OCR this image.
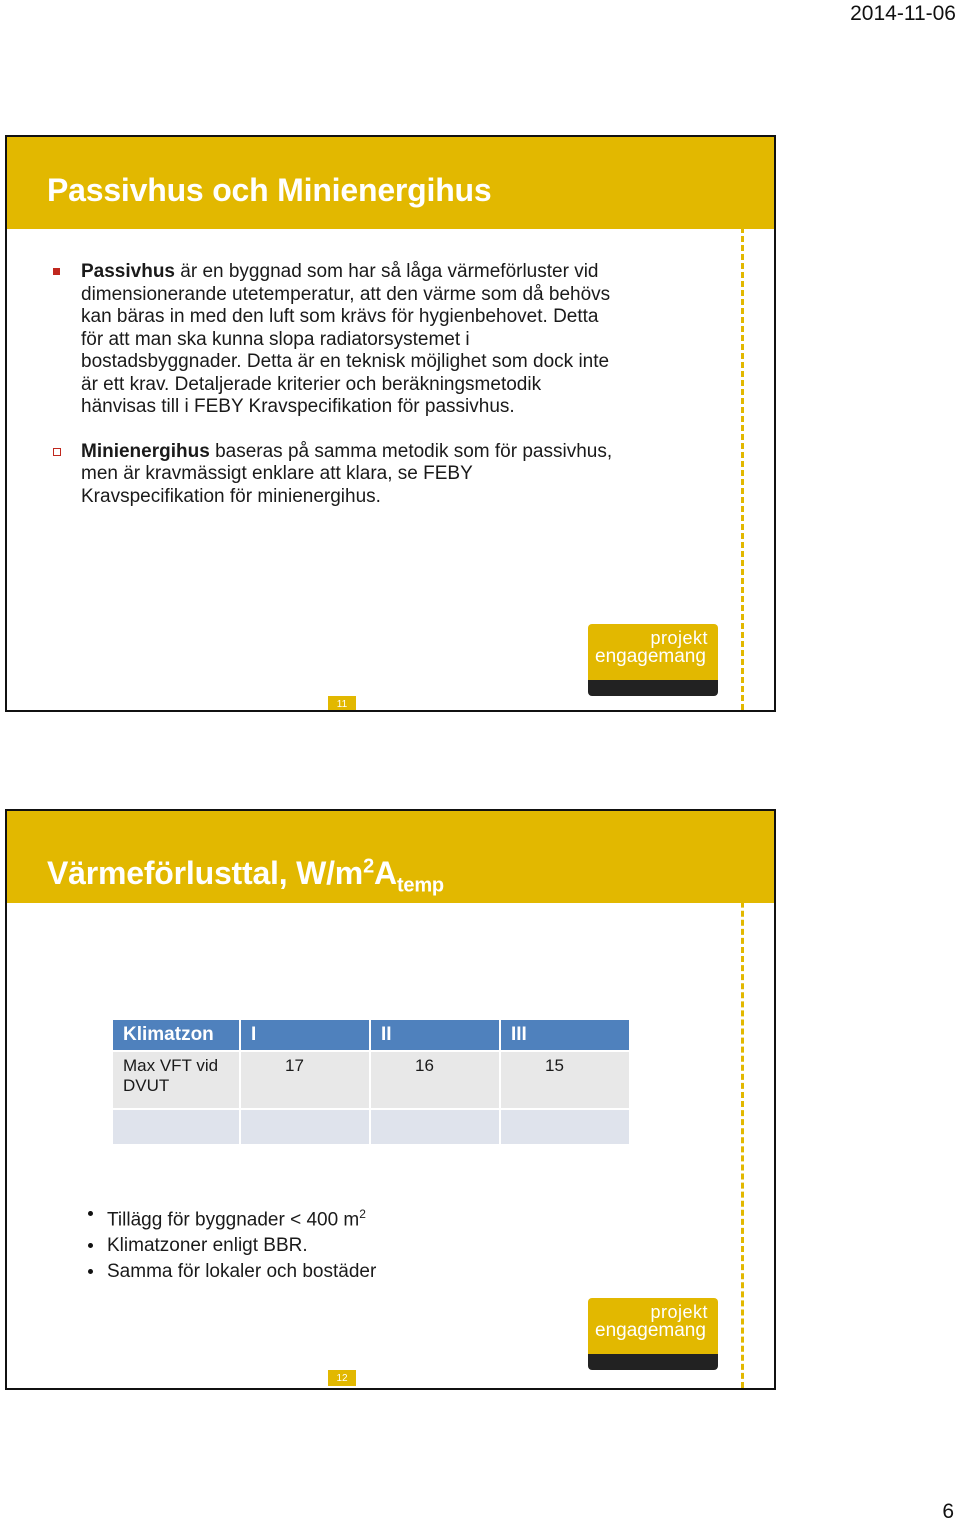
2014-11-06
Passivhus och Minienergihus
Passivhus är en byggnad som har så låga värmeförluster vid dimensionerande utetemperatur, att den värme som då behövs kan bäras in med den luft som krävs för hygienbehovet. Detta för att man ska kunna slopa radiatorsystemet i bostadsbyggnader. Detta är en teknisk möjlighet som dock inte är ett krav. Detaljerade kriterier och beräkningsmetodik hänvisas till i FEBY Kravspecifikation för passivhus.
Minienergihus baseras på samma metodik som för passivhus, men är kravmässigt enklare att klara, se FEBY Kravspecifikation för minienergihus.
projekt
engagemang
11
Värmeförlusttal, $W/m^2A_{temp}$
Klimatzon	I	II	III
Max VFT vid DVUT	17	16	15

Tillägg för byggnader < 400 $m^2$
Klimatzoner enligt BBR.
Samma för lokaler och bostäder
projekt
engagemang
12
6
